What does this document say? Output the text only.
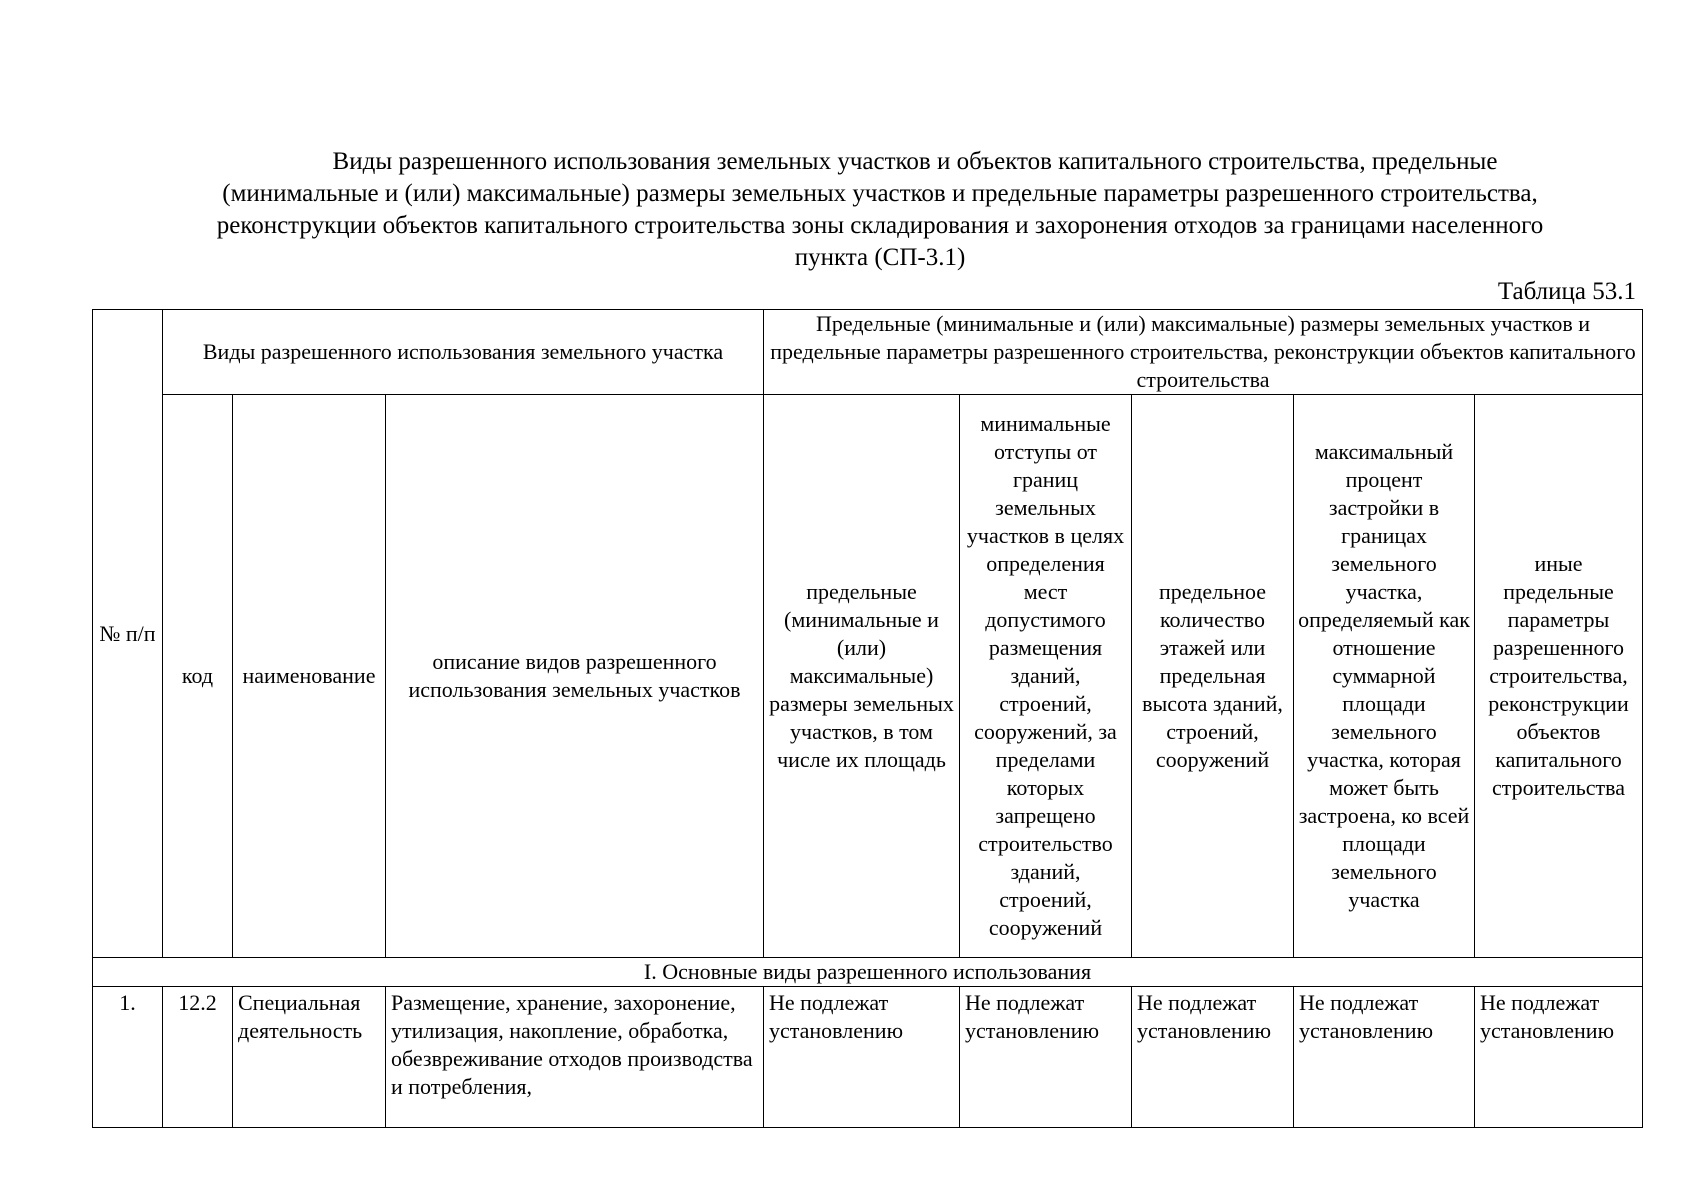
Виды разрешенного использования земельных участков и объектов капитального строительства, предельные
(минимальные и (или) максимальные) размеры земельных участков и предельные параметры разрешенного строительства,
реконструкции объектов капитального строительства зоны складирования и захоронения отходов за границами населенного
пункта (СП-3.1)
Таблица 53.1
№ п/п	Виды разрешенного использования земельного участка			Предельные (минимальные и (или) максимальные) размеры земельных участков и предельные параметры разрешенного строительства, реконструкции объектов капитального строительства				
	код	наименование	описание видов разрешенного использования земельных участков	предельные (минимальные и (или) максимальные) размеры земельных участков, в том числе их площадь	минимальные отступы от границ земельных участков в целях определения мест допустимого размещения зданий, строений, сооружений, за пределами которых запрещено строительство зданий, строений, сооружений	предельное количество этажей или предельная высота зданий, строений, сооружений	максимальный процент застройки в границах земельного участка, определяемый как отношение суммарной площади земельного участка, которая может быть застроена, ко всей площади земельного участка	иные предельные параметры разрешенного строительства, реконструкции объектов капитального строительства
I. Основные виды разрешенного использования								
1.	12.2	Специальная деятельность	Размещение, хранение, захоронение, утилизация, накопление, обработка, обезвреживание отходов производства и потребления,	Не подлежат установлению	Не подлежат установлению	Не подлежат установлению	Не подлежат установлению	Не подлежат установлению
